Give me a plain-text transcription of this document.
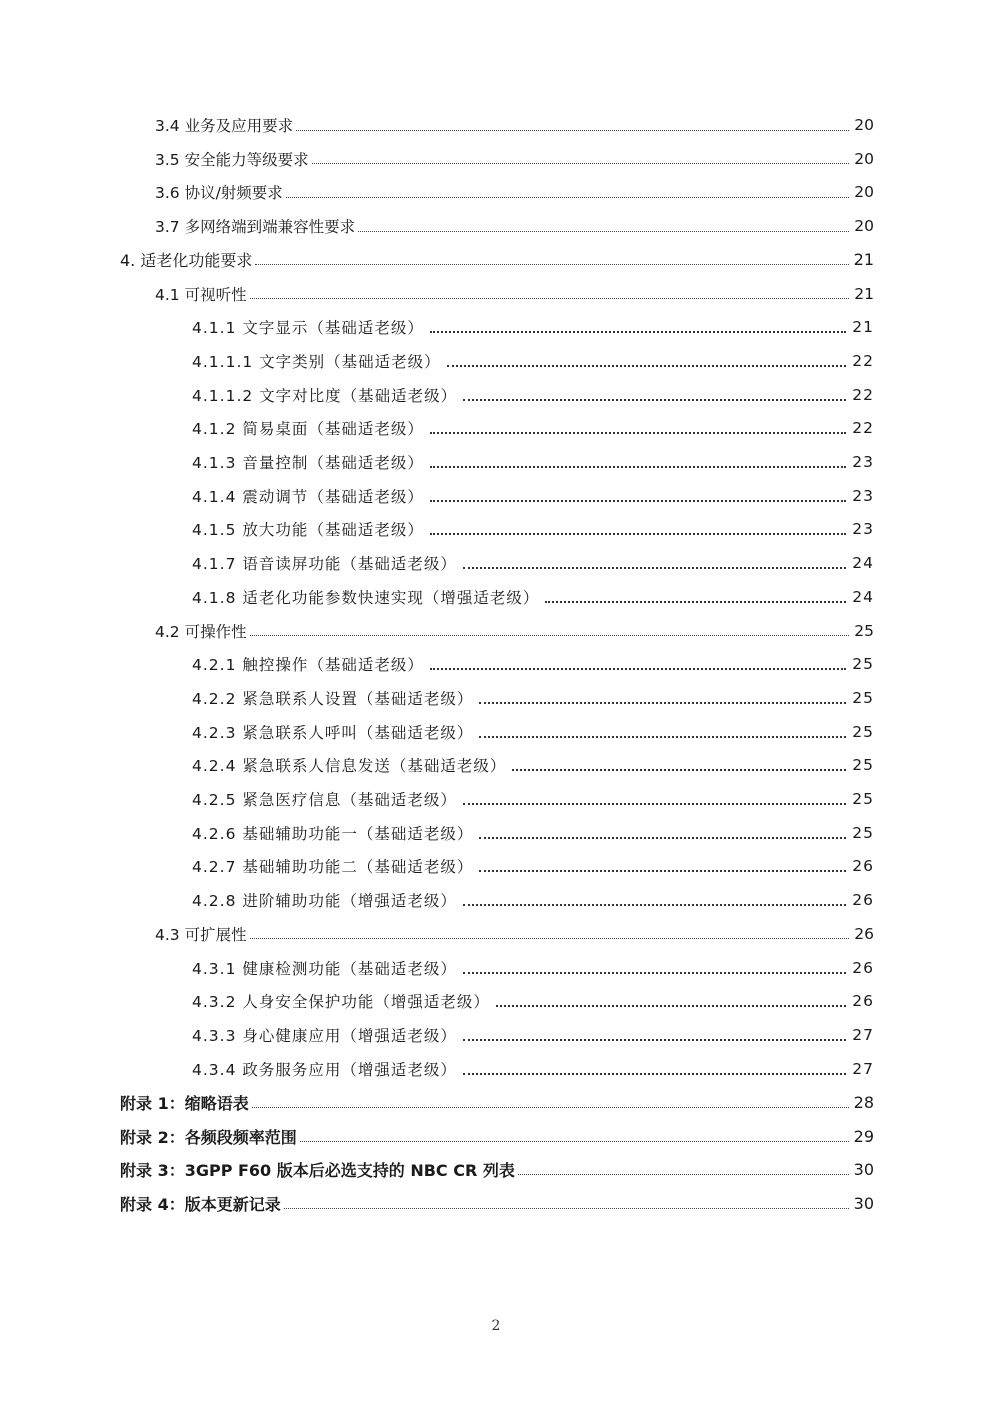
3.4 业务及应用要求	20
3.5 安全能力等级要求	20
3.6 协议/射频要求	20
3.7 多网络端到端兼容性要求	20
4. 适老化功能要求	21
4.1 可视听性	21
4.1.1 文字显示（基础适老级）	21
4.1.1.1 文字类别（基础适老级）	22
4.1.1.2 文字对比度（基础适老级）	22
4.1.2 简易桌面（基础适老级）	22
4.1.3 音量控制（基础适老级）	23
4.1.4 震动调节（基础适老级）	23
4.1.5 放大功能（基础适老级）	23
4.1.7 语音读屏功能（基础适老级）	24
4.1.8 适老化功能参数快速实现（增强适老级）	24
4.2 可操作性	25
4.2.1 触控操作（基础适老级）	25
4.2.2 紧急联系人设置（基础适老级）	25
4.2.3 紧急联系人呼叫（基础适老级）	25
4.2.4 紧急联系人信息发送（基础适老级）	25
4.2.5 紧急医疗信息（基础适老级）	25
4.2.6 基础辅助功能一（基础适老级）	25
4.2.7 基础辅助功能二（基础适老级）	26
4.2.8 进阶辅助功能（增强适老级）	26
4.3 可扩展性	26
4.3.1 健康检测功能（基础适老级）	26
4.3.2 人身安全保护功能（增强适老级）	26
4.3.3 身心健康应用（增强适老级）	27
4.3.4 政务服务应用（增强适老级）	27
附录 1：缩略语表	28
附录 2：各频段频率范围	29
附录 3：3GPP F60 版本后必选支持的 NBC CR 列表	30
附录 4：版本更新记录	30
2
